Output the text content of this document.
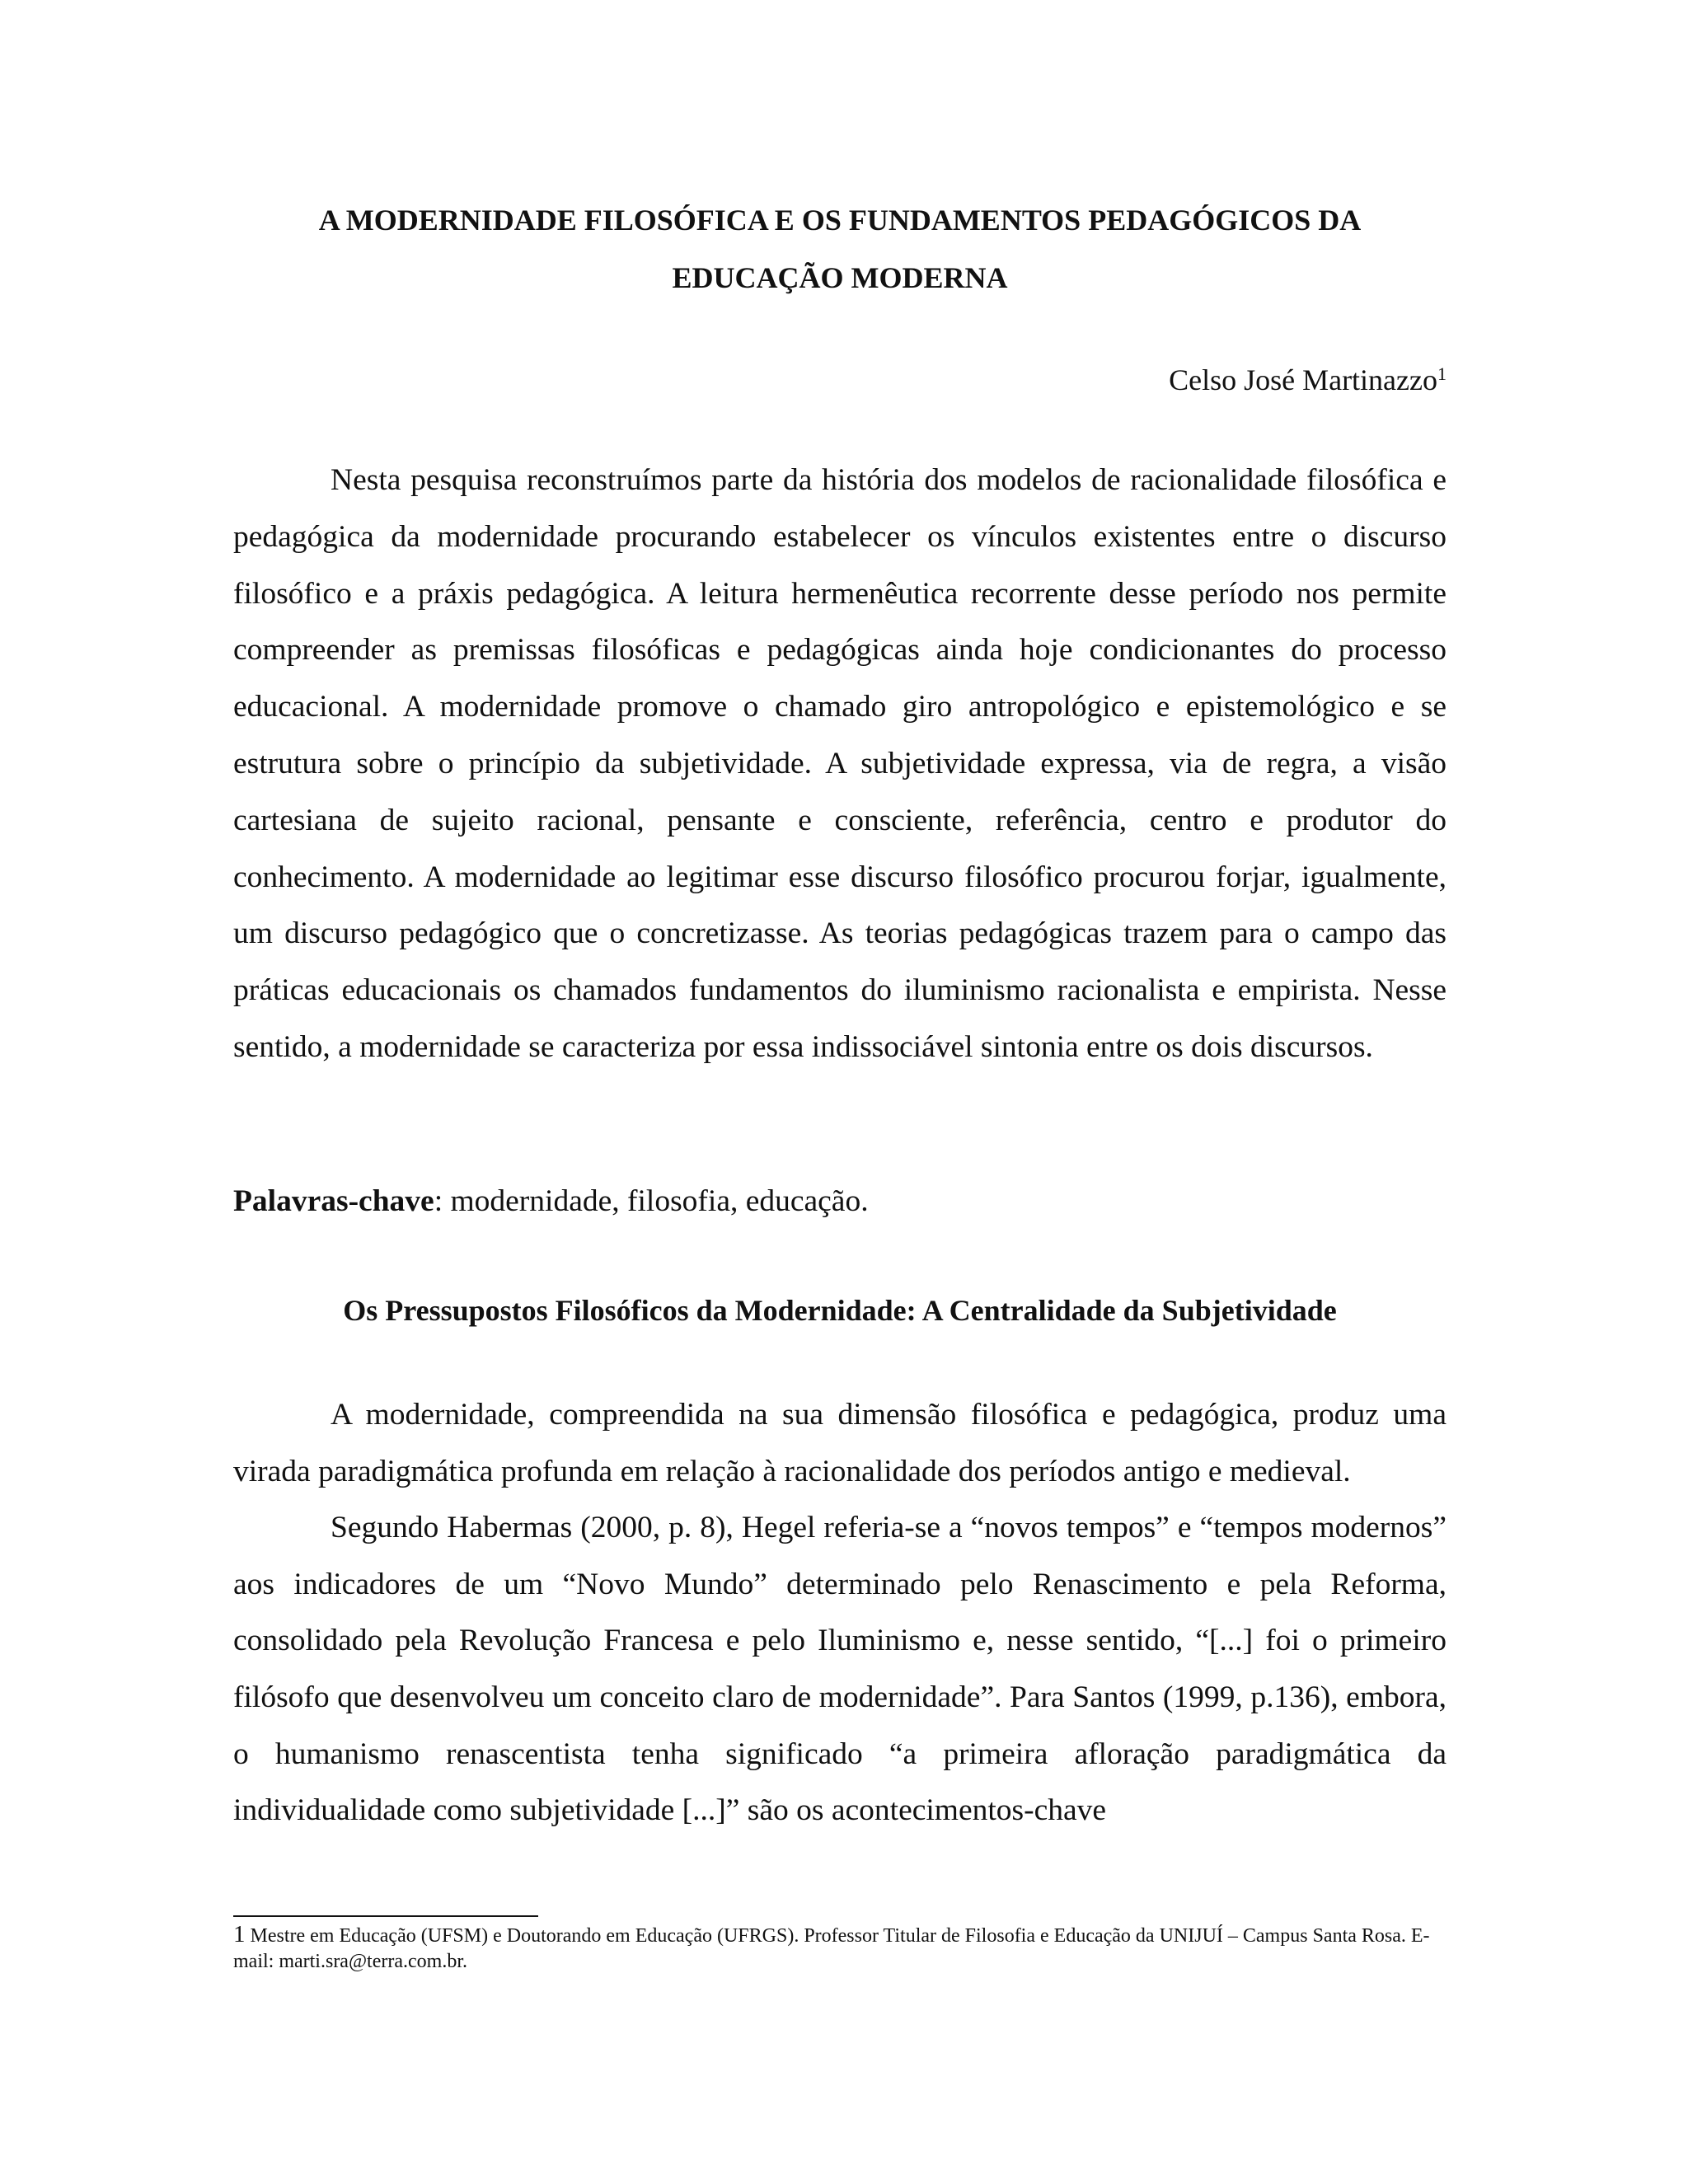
A MODERNIDADE FILOSÓFICA E OS FUNDAMENTOS PEDAGÓGICOS DA
EDUCAÇÃO MODERNA

Celso José Martinazzo$^1$

Nesta pesquisa reconstruímos parte da história dos modelos de racionalidade filosófica e pedagógica da modernidade procurando estabelecer os vínculos existentes entre o discurso filosófico e a práxis pedagógica. A leitura hermenêutica recorrente desse período nos permite compreender as premissas filosóficas e pedagógicas ainda hoje condicionantes do processo educacional. A modernidade promove o chamado giro antropológico e epistemológico e se estrutura sobre o princípio da subjetividade. A subjetividade expressa, via de regra, a visão cartesiana de sujeito racional, pensante e consciente, referência, centro e produtor do conhecimento. A modernidade ao legitimar esse discurso filosófico procurou forjar, igualmente, um discurso pedagógico que o concretizasse. As teorias pedagógicas trazem para o campo das práticas educacionais os chamados fundamentos do iluminismo racionalista e empirista. Nesse sentido, a modernidade se caracteriza por essa indissociável sintonia entre os dois discursos.

Palavras-chave: modernidade, filosofia, educação.

Os Pressupostos Filosóficos da Modernidade: A Centralidade da Subjetividade

A modernidade, compreendida na sua dimensão filosófica e pedagógica, produz uma virada paradigmática profunda em relação à racionalidade dos períodos antigo e medieval.

Segundo Habermas (2000, p. 8), Hegel referia-se a “novos tempos” e “tempos modernos” aos indicadores de um “Novo Mundo” determinado pelo Renascimento e pela Reforma, consolidado pela Revolução Francesa e pelo Iluminismo e, nesse sentido, “[...] foi o primeiro filósofo que desenvolveu um conceito claro de modernidade”. Para Santos (1999, p.136), embora, o humanismo renascentista tenha significado “a primeira afloração paradigmática da individualidade como subjetividade [...]” são os acontecimentos-chave

1 Mestre em Educação (UFSM) e Doutorando em Educação (UFRGS). Professor Titular de Filosofia e Educação da UNIJUÍ – Campus Santa Rosa. E-mail: marti.sra@terra.com.br.
